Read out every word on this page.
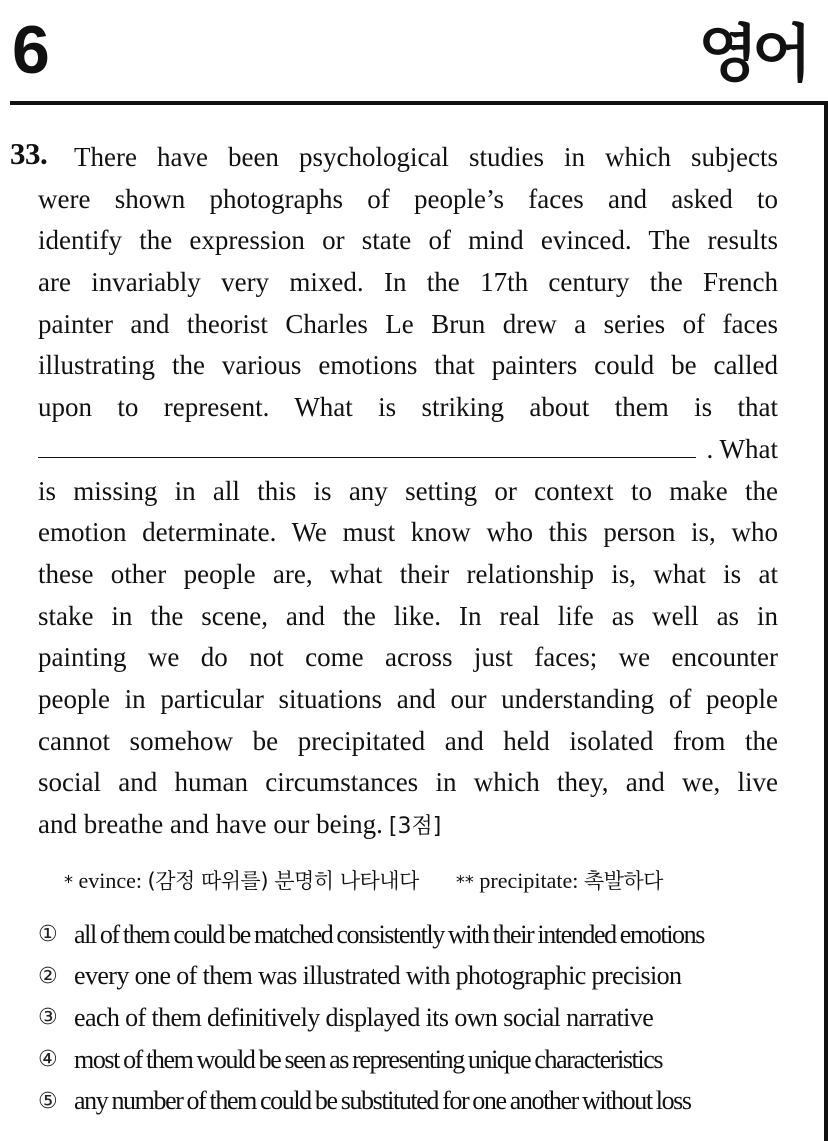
6	영어
33. There have been psychological studies in which subjects
were shown photographs of people’s faces and asked to
identify the expression or state of mind evinced. The results
are invariably very mixed. In the 17th century the French
painter and theorist Charles Le Brun drew a series of faces
illustrating the various emotions that painters could be called
upon to represent. What is striking about them is that
. What
is missing in all this is any setting or context to make the
emotion determinate. We must know who this person is, who
these other people are, what their relationship is, what is at
stake in the scene, and the like. In real life as well as in
painting we do not come across just faces; we encounter
people in particular situations and our understanding of people
cannot somehow be precipitated and held isolated from the
social and human circumstances in which they, and we, live
and breathe and have our being. [3점]
* evince: (감정 따위를) 분명히 나타내다 ** precipitate: 촉발하다
① all of them could be matched consistently with their intended emotions
② every one of them was illustrated with photographic precision
③ each of them definitively displayed its own social narrative
④ most of them would be seen as representing unique characteristics
⑤ any number of them could be substituted for one another without loss
